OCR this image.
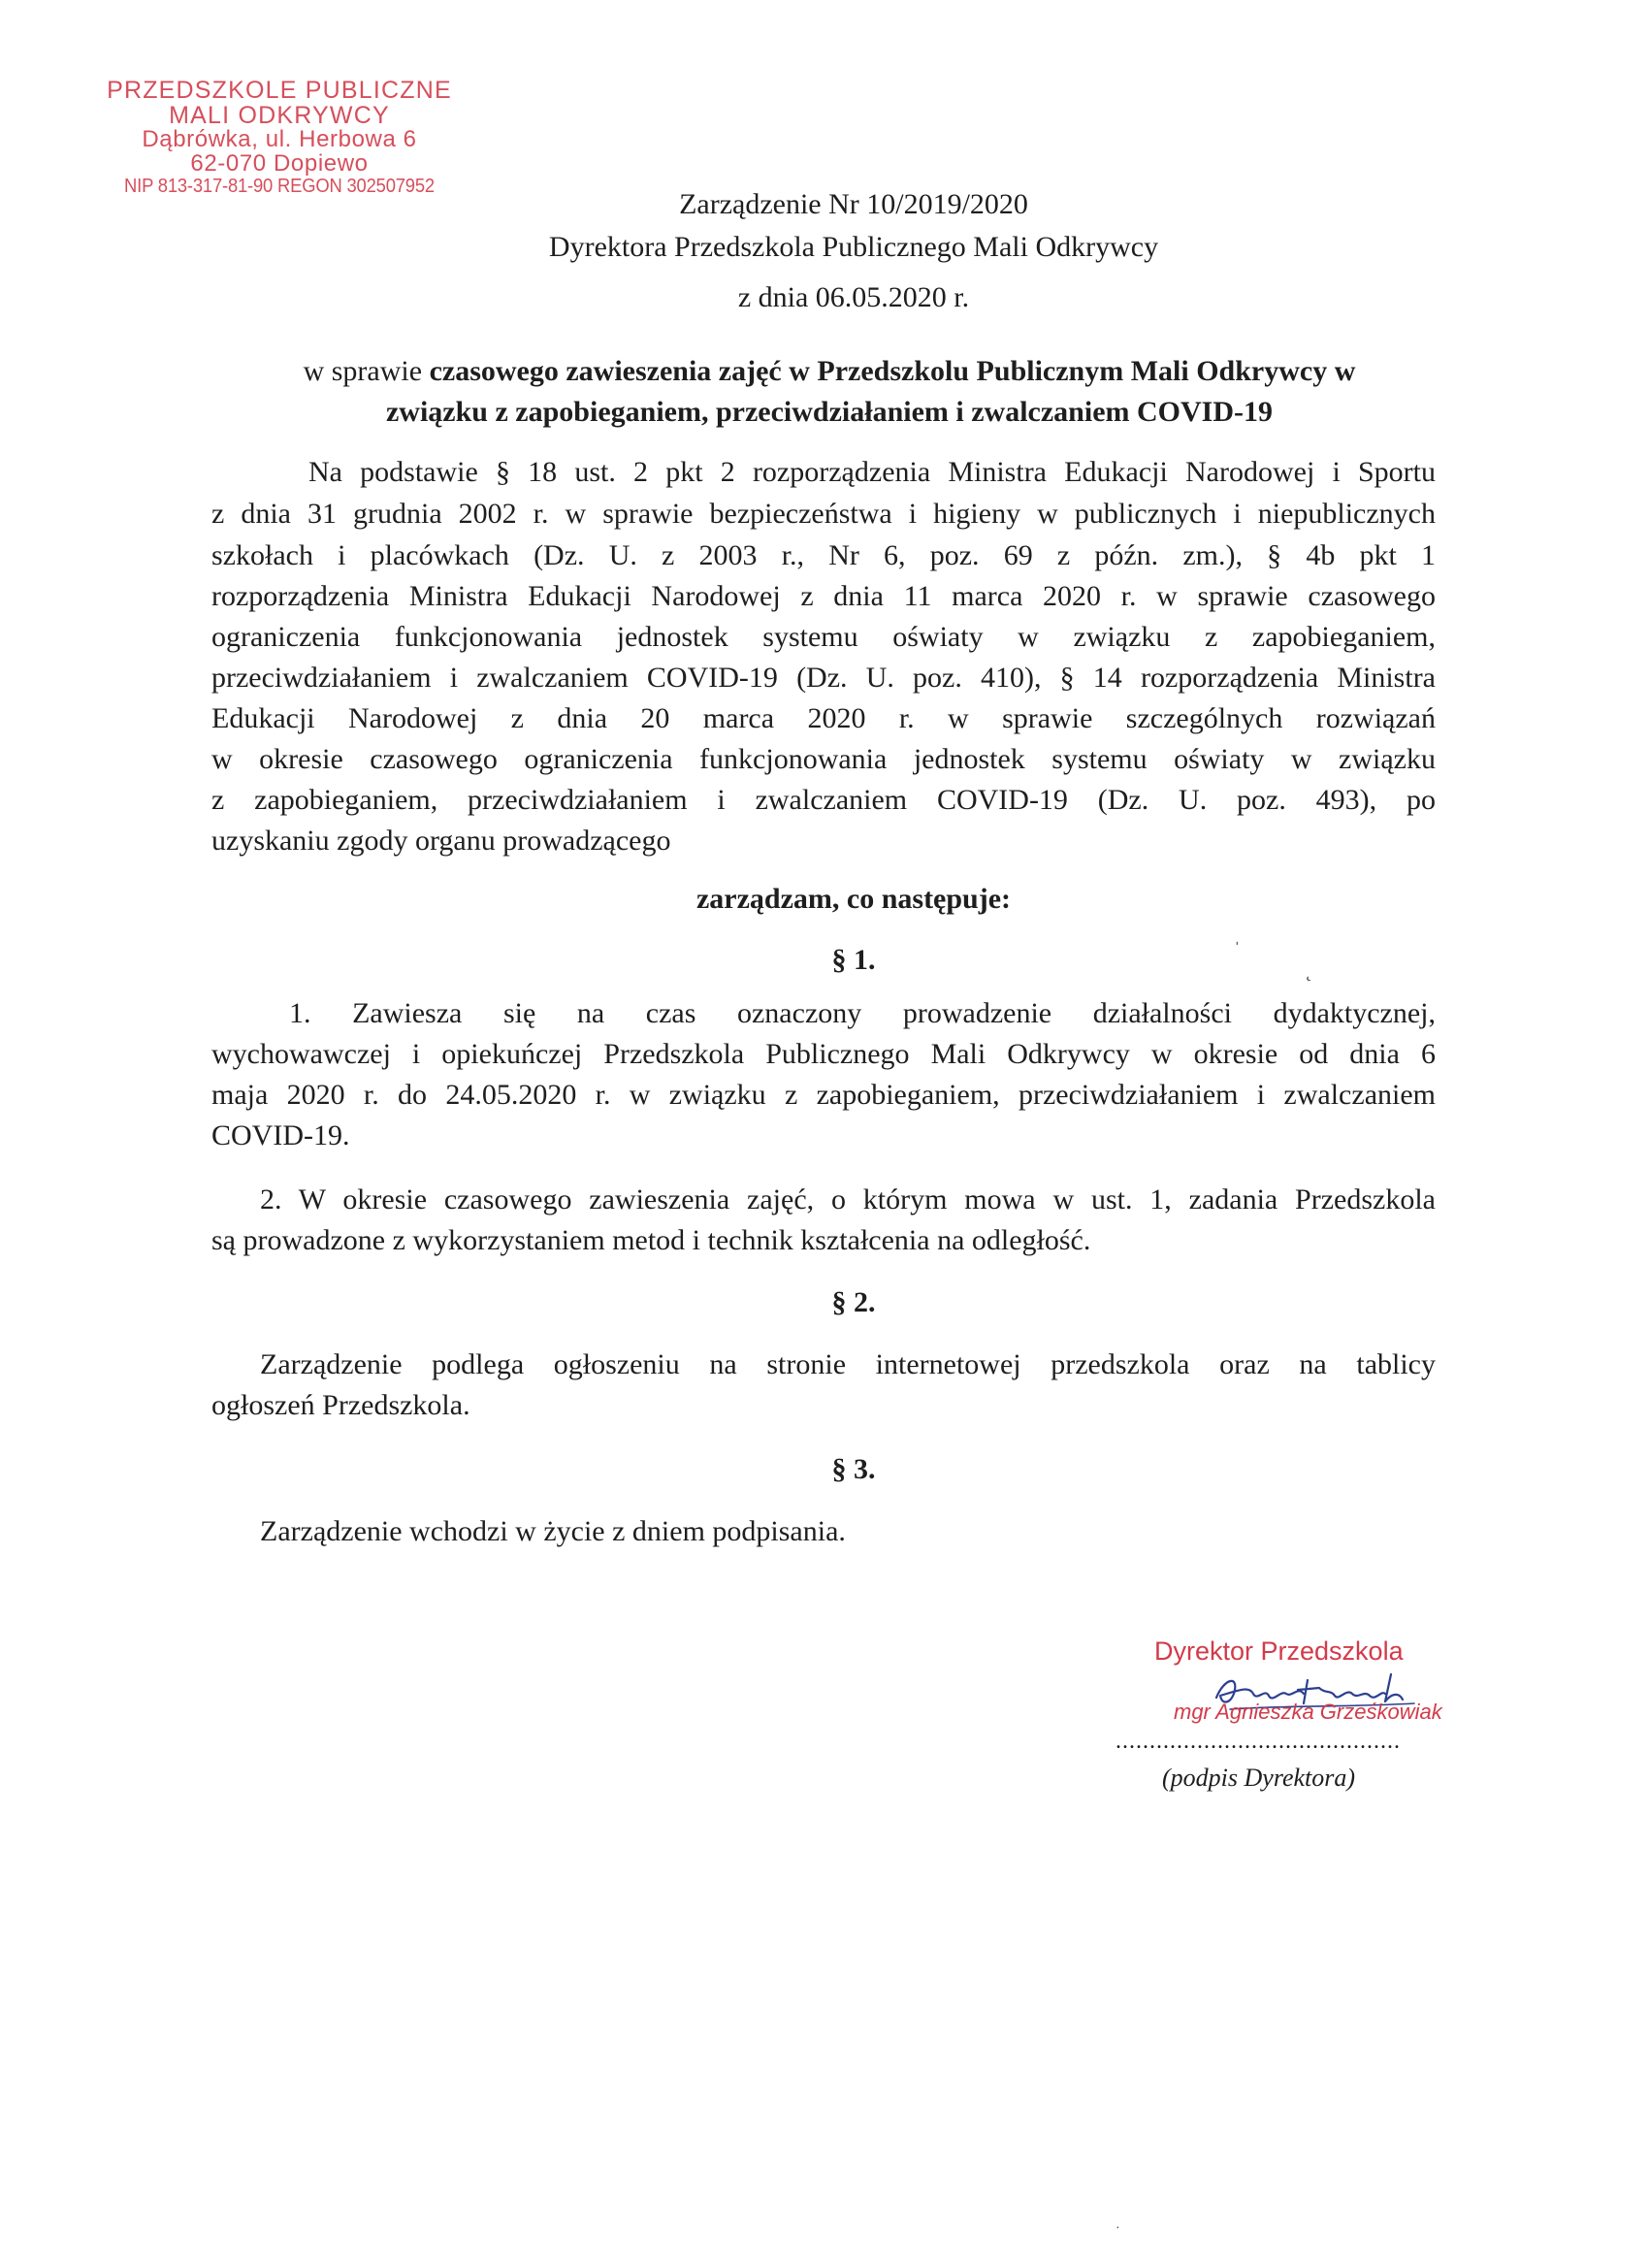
PRZEDSZKOLE PUBLICZNE
MALI ODKRYWCY
Dąbrówka, ul. Herbowa 6
62-070 Dopiewo
NIP 813-317-81-90 REGON 302507952
Zarządzenie Nr 10/2019/2020
Dyrektora Przedszkola Publicznego Mali Odkrywcy
z dnia 06.05.2020 r.
w sprawie czasowego zawieszenia zajęć w Przedszkolu Publicznym Mali Odkrywcy w
związku z zapobieganiem, przeciwdziałaniem i zwalczaniem COVID-19
Na podstawie § 18 ust. 2 pkt 2 rozporządzenia Ministra Edukacji Narodowej i Sportu
z dnia 31 grudnia 2002 r. w sprawie bezpieczeństwa i higieny w publicznych i niepublicznych
szkołach i placówkach (Dz. U. z 2003 r., Nr 6, poz. 69 z późn. zm.), § 4b pkt 1
rozporządzenia Ministra Edukacji Narodowej z dnia 11 marca 2020 r. w sprawie czasowego
ograniczenia funkcjonowania jednostek systemu oświaty w związku z zapobieganiem,
przeciwdziałaniem i zwalczaniem COVID-19 (Dz. U. poz. 410), § 14 rozporządzenia Ministra
Edukacji Narodowej z dnia 20 marca 2020 r. w sprawie szczególnych rozwiązań
w okresie czasowego ograniczenia funkcjonowania jednostek systemu oświaty w związku
z zapobieganiem, przeciwdziałaniem i zwalczaniem COVID-19 (Dz. U. poz. 493), po
uzyskaniu zgody organu prowadzącego
zarządzam, co następuje:
§ 1.	ˈ
˛
1. Zawiesza się na czas oznaczony prowadzenie działalności dydaktycznej,
wychowawczej i opiekuńczej Przedszkola Publicznego Mali Odkrywcy w okresie od dnia 6
maja 2020 r. do 24.05.2020 r. w związku z zapobieganiem, przeciwdziałaniem i zwalczaniem
COVID-19.
2. W okresie czasowego zawieszenia zajęć, o którym mowa w ust. 1, zadania Przedszkola
są prowadzone z wykorzystaniem metod i technik kształcenia na odległość.
§ 2.
Zarządzenie podlega ogłoszeniu na stronie internetowej przedszkola oraz na tablicy
ogłoszeń Przedszkola.
§ 3.
Zarządzenie wchodzi w życie z dniem podpisania.
Dyrektor Przedszkola
mgr Agnieszka Grześkowiak
..........................................
(podpis Dyrektora)
·
